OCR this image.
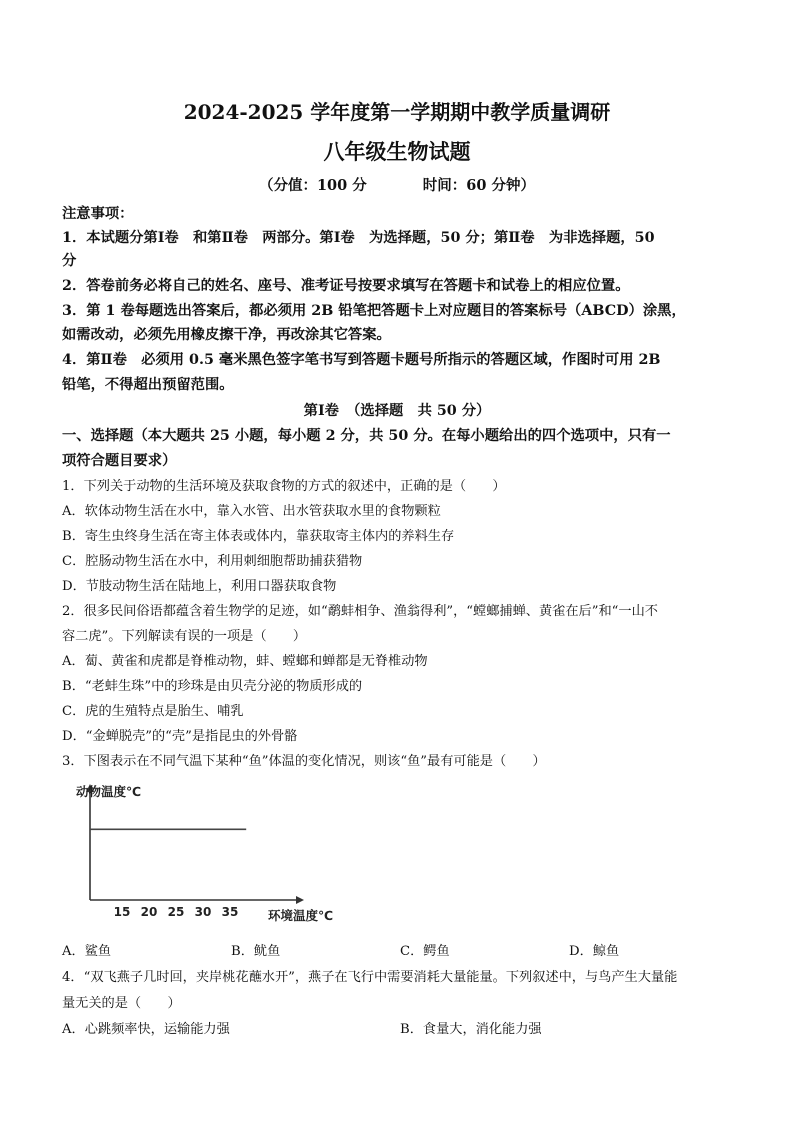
2024-2025 学年度第一学期期中教学质量调研
八年级生物试题
（分值：100 分	时间：60 分钟）
注意事项：
1．本试题分第Ⅰ卷　和第Ⅱ卷　两部分。第Ⅰ卷　为选择题，50 分；第Ⅱ卷　为非选择题，50
分
2．答卷前务必将自己的姓名、座号、准考证号按要求填写在答题卡和试卷上的相应位置。
3．第 1 卷每题选出答案后，都必须用 2B 铅笔把答题卡上对应题目的答案标号（ABCD）涂黑，
如需改动，必须先用橡皮擦干净，再改涂其它答案。
4．第Ⅱ卷　必须用 0.5 毫米黑色签字笔书写到答题卡题号所指示的答题区域，作图时可用 2B
铅笔，不得超出预留范围。
第Ⅰ卷　（选择题　共 50 分）
一、选择题（本大题共 25 小题，每小题 2 分，共 50 分。在每小题给出的四个选项中，只有一
项符合题目要求）
1．下列关于动物的生活环境及获取食物的方式的叙述中，正确的是（　　）
A．软体动物生活在水中，靠入水管、出水管获取水里的食物颗粒
B．寄生虫终身生活在寄主体表或体内，靠获取寄主体内的养料生存
C．腔肠动物生活在水中，利用刺细胞帮助捕获猎物
D．节肢动物生活在陆地上，利用口器获取食物
2．很多民间俗语都蕴含着生物学的足迹，如“鹬蚌相争、渔翁得利”，“螳螂捕蝉、黄雀在后”和“一山不
容二虎”。下列解读有误的一项是（　　）
A．蔔、黄雀和虎都是脊椎动物，蚌、螳螂和蝉都是无脊椎动物
B．“老蚌生珠”中的珍珠是由贝壳分泌的物质形成的
C．虎的生殖特点是胎生、哺乳
D．“金蝉脱壳”的“壳”是指昆虫的外骨骼
3．下图表示在不同气温下某种“鱼”体温的变化情况，则该“鱼”最有可能是（　　）
动物温度℃
环境温度℃
15 20 25 30 35
A．鲨鱼	B．鱿鱼	C．鳄鱼	D．鲸鱼
4．“双飞燕子几时回，夹岸桃花蘸水开”，燕子在飞行中需要消耗大量能量。下列叙述中，与鸟产生大量能
量无关的是（　　）
A．心跳频率快，运输能力强	B．食量大，消化能力强
